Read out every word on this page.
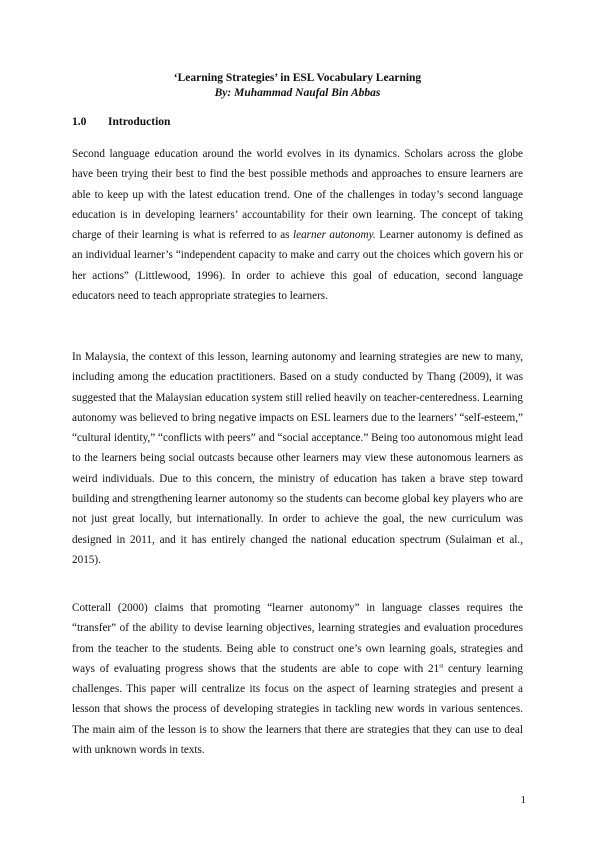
‘Learning Strategies’ in ESL Vocabulary Learning
By: Muhammad Naufal Bin Abbas
1.0 Introduction

Second language education around the world evolves in its dynamics. Scholars across the globe have been trying their best to find the best possible methods and approaches to ensure learners are able to keep up with the latest education trend. One of the challenges in today’s second language education is in developing learners’ accountability for their own learning. The concept of taking charge of their learning is what is referred to as learner autonomy. Learner autonomy is defined as an individual learner’s “independent capacity to make and carry out the choices which govern his or her actions” (Littlewood, 1996). In order to achieve this goal of education, second language educators need to teach appropriate strategies to learners.

In Malaysia, the context of this lesson, learning autonomy and learning strategies are new to many, including among the education practitioners. Based on a study conducted by Thang (2009), it was suggested that the Malaysian education system still relied heavily on teacher-centeredness. Learning autonomy was believed to bring negative impacts on ESL learners due to the learners’ “self-esteem,” “cultural identity,” “conflicts with peers” and “social acceptance.” Being too autonomous might lead to the learners being social outcasts because other learners may view these autonomous learners as weird individuals. Due to this concern, the ministry of education has taken a brave step toward building and strengthening learner autonomy so the students can become global key players who are not just great locally, but internationally. In order to achieve the goal, the new curriculum was designed in 2011, and it has entirely changed the national education spectrum (Sulaiman et al., 2015).

Cotterall (2000) claims that promoting “learner autonomy” in language classes requires the “transfer” of the ability to devise learning objectives, learning strategies and evaluation procedures from the teacher to the students. Being able to construct one’s own learning goals, strategies and ways of evaluating progress shows that the students are able to cope with 21st century learning challenges. This paper will centralize its focus on the aspect of learning strategies and present a lesson that shows the process of developing strategies in tackling new words in various sentences. The main aim of the lesson is to show the learners that there are strategies that they can use to deal with unknown words in texts.

1
